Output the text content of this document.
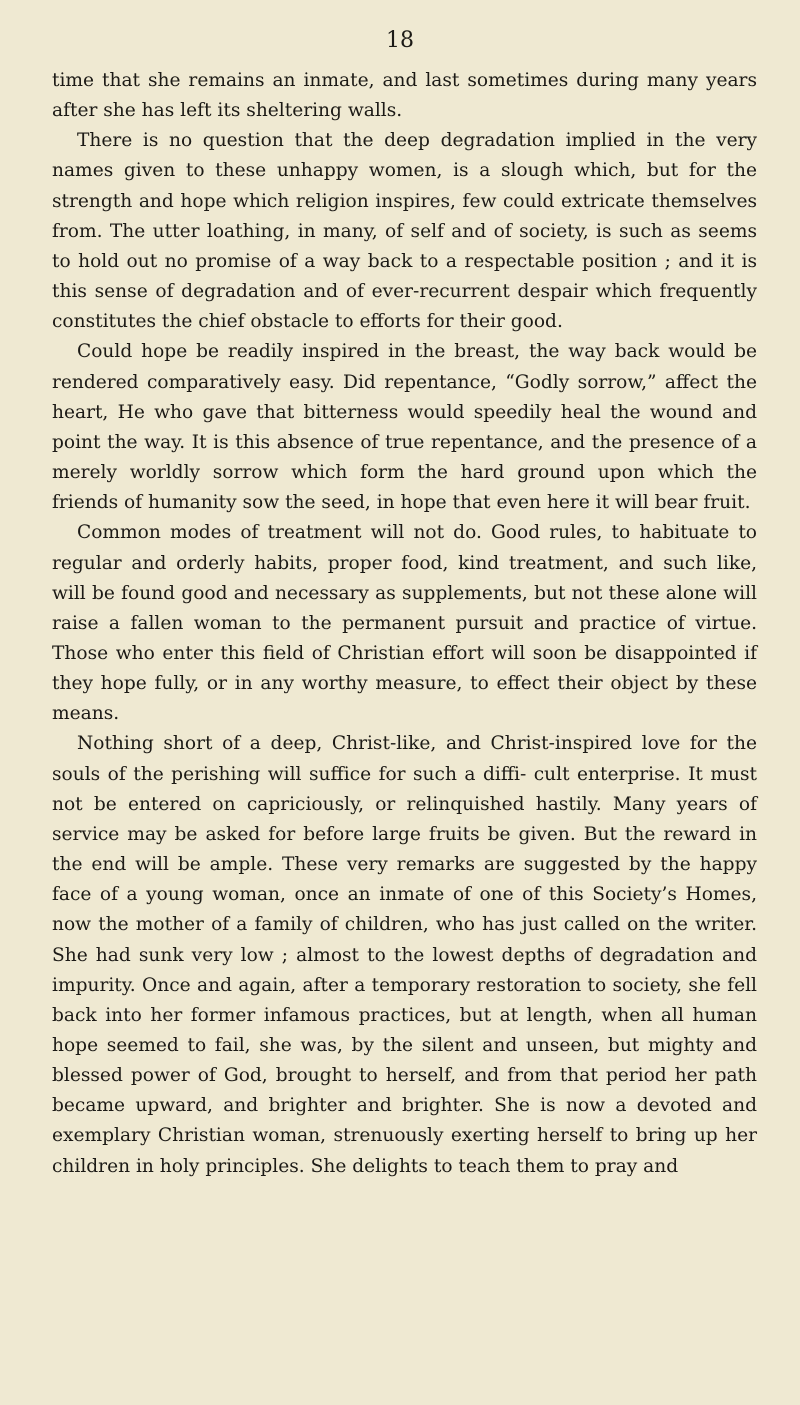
18

time that she remains an inmate, and last sometimes during many years after she has left its sheltering walls.

There is no question that the deep degradation implied in the very names given to these unhappy women, is a slough which, but for the strength and hope which religion inspires, few could extricate themselves from. The utter loathing, in many, of self and of society, is such as seems to hold out no promise of a way back to a respectable position ; and it is this sense of degradation and of ever-recurrent despair which frequently constitutes the chief obstacle to efforts for their good.

Could hope be readily inspired in the breast, the way back would be rendered comparatively easy. Did repentance, “Godly sorrow,” affect the heart, He who gave that bitterness would speedily heal the wound and point the way. It is this absence of true repentance, and the presence of a merely worldly sorrow which form the hard ground upon which the friends of humanity sow the seed, in hope that even here it will bear fruit.

Common modes of treatment will not do. Good rules, to habituate to regular and orderly habits, proper food, kind treatment, and such like, will be found good and necessary as supplements, but not these alone will raise a fallen woman to the permanent pursuit and practice of virtue. Those who enter this field of Christian effort will soon be disappointed if they hope fully, or in any worthy measure, to effect their object by these means.

Nothing short of a deep, Christ-like, and Christ-inspired love for the souls of the perishing will suffice for such a diffi- cult enterprise. It must not be entered on capriciously, or relinquished hastily. Many years of service may be asked for before large fruits be given. But the reward in the end will be ample. These very remarks are suggested by the happy face of a young woman, once an inmate of one of this Society’s Homes, now the mother of a family of children, who has just called on the writer. She had sunk very low ; almost to the lowest depths of degradation and impurity. Once and again, after a temporary restoration to society, she fell back into her former infamous practices, but at length, when all human hope seemed to fail, she was, by the silent and unseen, but mighty and blessed power of God, brought to herself, and from that period her path became upward, and brighter and brighter. She is now a devoted and exemplary Christian woman, strenuously exerting herself to bring up her children in holy principles. She delights to teach them to pray and
